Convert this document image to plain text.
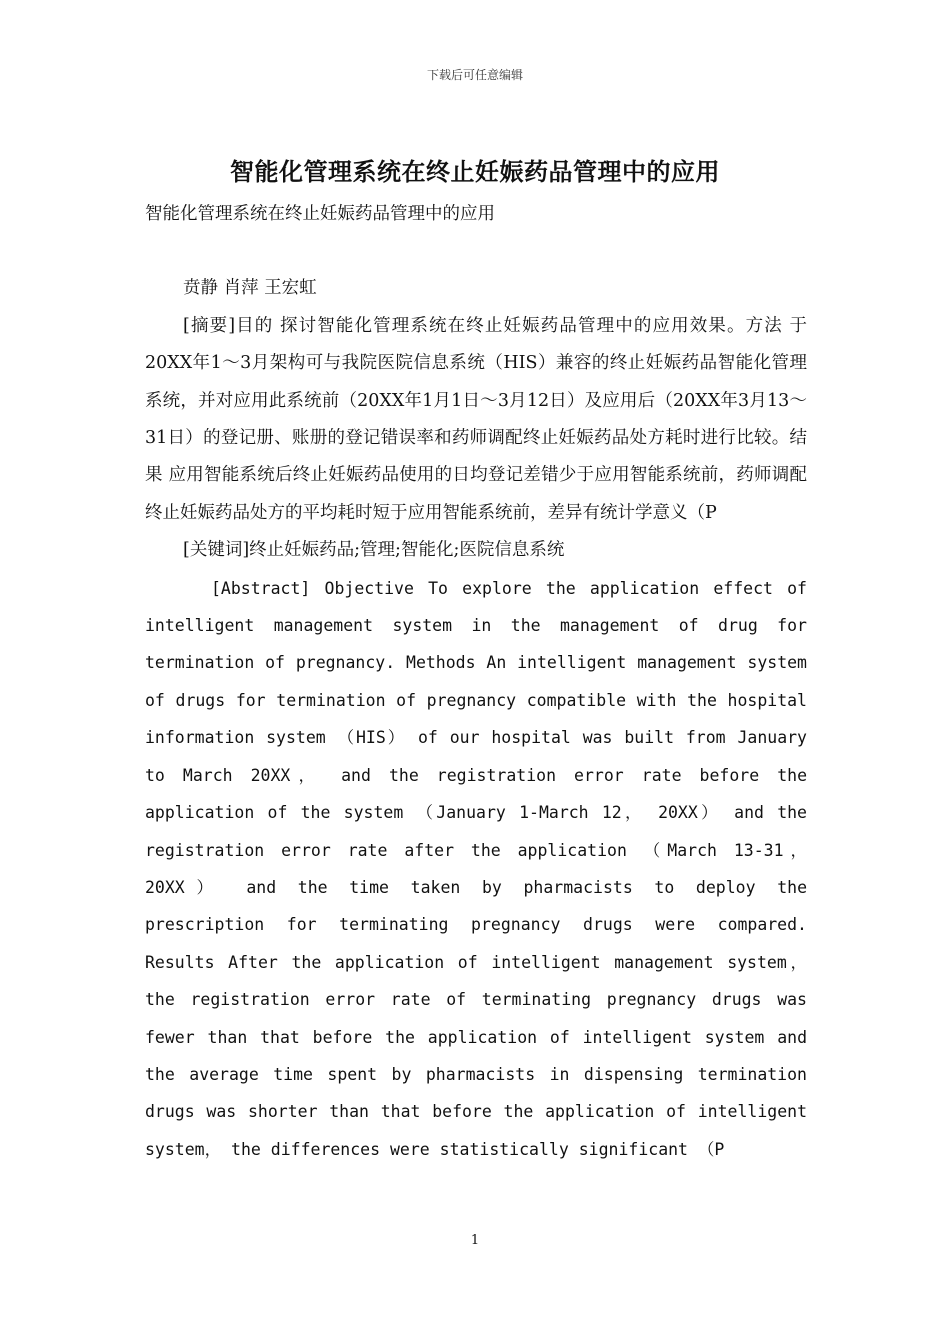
下载后可任意编辑
智能化管理系统在终止妊娠药品管理中的应用

智能化管理系统在终止妊娠药品管理中的应用

贲静 肖萍 王宏虹

[摘要]目的 探讨智能化管理系统在终止妊娠药品管理中的应用效果。方法 于20XX年1～3月架构可与我院医院信息系统（HIS）兼容的终止妊娠药品智能化管理系统，并对应用此系统前（20XX年1月1日～3月12日）及应用后（20XX年3月13～31日）的登记册、账册的登记错误率和药师调配终止妊娠药品处方耗时进行比较。结果 应用智能系统后终止妊娠药品使用的日均登记差错少于应用智能系统前，药师调配终止妊娠药品处方的平均耗时短于应用智能系统前，差异有统计学意义（P

[关键词]终止妊娠药品;管理;智能化;医院信息系统

[Abstract] Objective To explore the application effect of intelligent management system in the management of drug for termination of pregnancy. Methods An intelligent management system of drugs for termination of pregnancy compatible with the hospital information system （HIS） of our hospital was built from January to March 20XX， and the registration error rate before the application of the system （January 1-March 12， 20XX） and the registration error rate after the application （March 13-31， 20XX） and the time taken by pharmacists to deploy the prescription for terminating pregnancy drugs were compared. Results After the application of intelligent management system， the registration error rate of terminating pregnancy drugs was fewer than that before the application of intelligent system and the average time spent by pharmacists in dispensing termination drugs was shorter than that before the application of intelligent system， the differences were statistically significant （P

1
